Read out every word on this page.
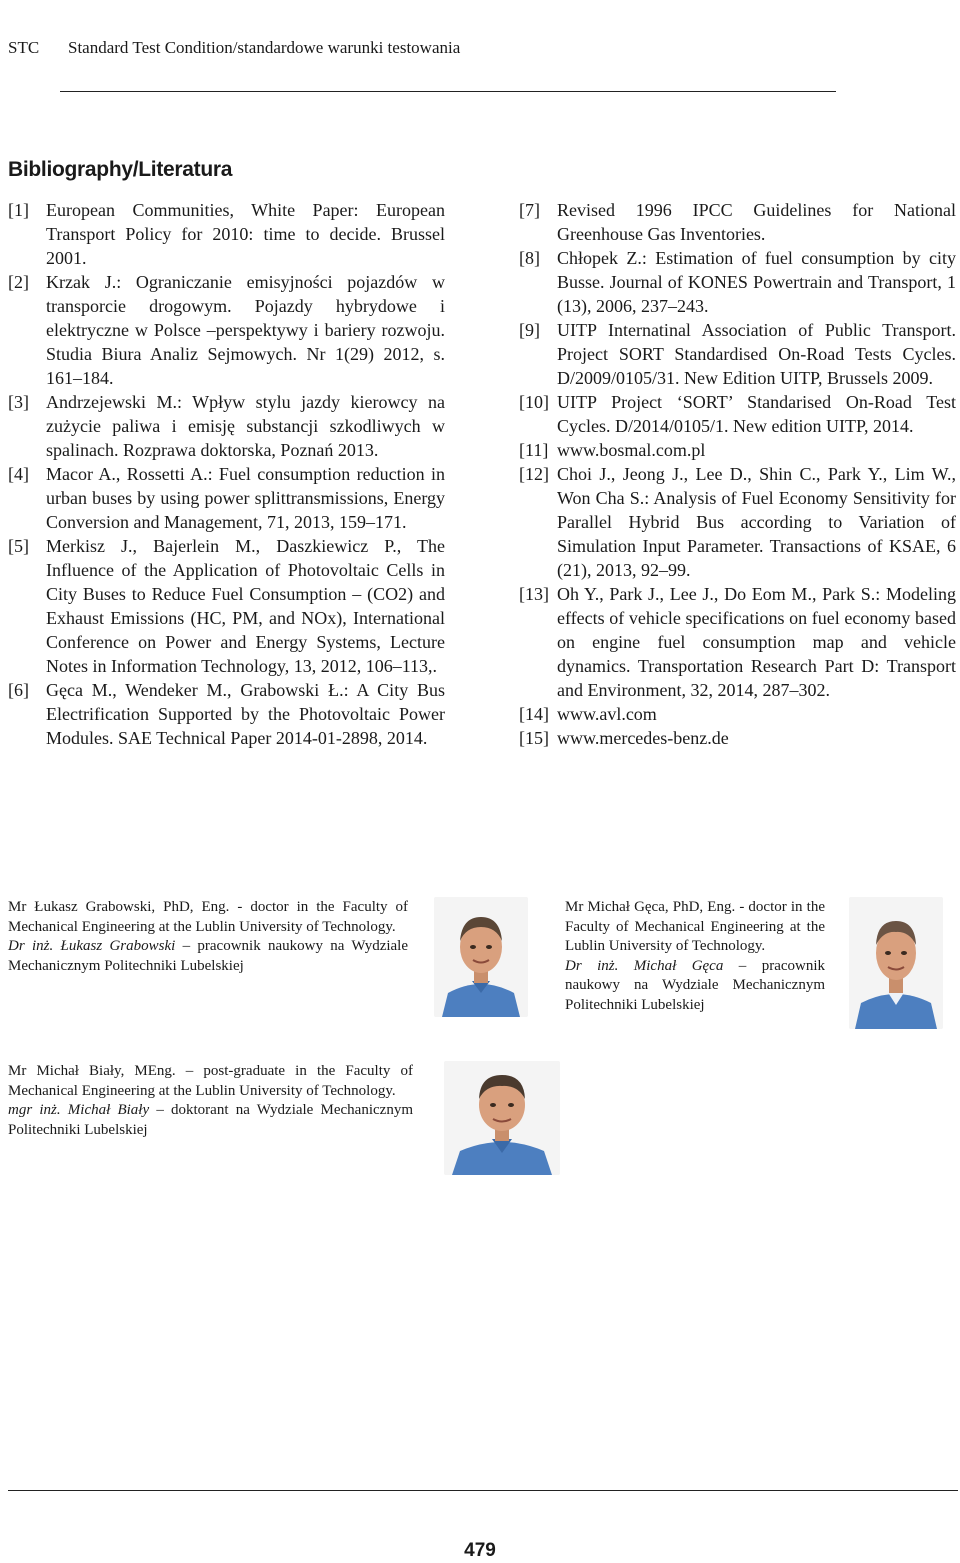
STC	Standard Test Condition/standardowe warunki testowania
Bibliography/Literatura
[1] European Communities, White Paper: European Transport Policy for 2010: time to decide. Brussel 2001.
[2] Krzak J.: Ograniczanie emisyjności pojazdów w transporcie drogowym. Pojazdy hybrydowe i elektryczne w Polsce –perspektywy i bariery rozwoju. Studia Biura Analiz Sejmowych. Nr 1(29) 2012, s. 161–184.
[3] Andrzejewski M.: Wpływ stylu jazdy kierowcy na zużycie paliwa i emisję substancji szkodliwych w spalinach. Rozprawa doktorska, Poznań 2013.
[4] Macor A., Rossetti A.: Fuel consumption reduction in urban buses by using power splittransmissions, Energy Conversion and Management, 71, 2013, 159–171.
[5] Merkisz J., Bajerlein M., Daszkiewicz P., The Influence of the Application of Photovoltaic Cells in City Buses to Reduce Fuel Consumption – (CO2) and Exhaust Emissions (HC, PM, and NOx), International Conference on Power and Energy Systems, Lecture Notes in Information Technology, 13, 2012, 106–113,.
[6] Gęca M., Wendeker M., Grabowski Ł.: A City Bus Electrification Supported by the Photovoltaic Power Modules. SAE Technical Paper 2014-01-2898, 2014.
[7] Revised 1996 IPCC Guidelines for National Greenhouse Gas Inventories.
[8] Chłopek Z.: Estimation of fuel consumption by city Busse. Journal of KONES Powertrain and Transport, 1 (13), 2006, 237–243.
[9] UITP Internatinal Association of Public Transport. Project SORT Standardised On-Road Tests Cycles. D/2009/0105/31. New Edition UITP, Brussels 2009.
[10] UITP Project ‘SORT’ Standarised On-Road Test Cycles. D/2014/0105/1. New edition UITP, 2014.
[11] www.bosmal.com.pl
[12] Choi J., Jeong J., Lee D., Shin C., Park Y., Lim W., Won Cha S.: Analysis of Fuel Economy Sensitivity for Parallel Hybrid Bus according to Variation of Simulation Input Parameter. Transactions of KSAE, 6 (21), 2013, 92–99.
[13] Oh Y., Park J., Lee J., Do Eom M., Park S.: Modeling effects of vehicle specifications on fuel economy based on engine fuel consumption map and vehicle dynamics. Transportation Research Part D: Transport and Environment, 32, 2014, 287–302.
[14] www.avl.com
[15] www.mercedes-benz.de

Mr Łukasz Grabowski, PhD, Eng. - doctor in the Faculty of Mechanical Engineering at the Lublin University of Technology.

Dr inż. Łukasz Grabowski – pracownik naukowy na Wydziale Mechanicznym Politechniki Lubelskiej

Mr Michał Gęca, PhD, Eng. - doctor in the Faculty of Mechanical Engineering at the Lublin University of Technology.

Dr inż. Michał Gęca – pracownik naukowy na Wydziale Mechanicznym Politechniki Lubelskiej

Mr Michał Biały, MEng. – post-graduate in the Faculty of Mechanical Engineering at the Lublin University of Technology.

mgr inż. Michał Biały – doktorant na Wydziale Mechanicznym Politechniki Lubelskiej

479
